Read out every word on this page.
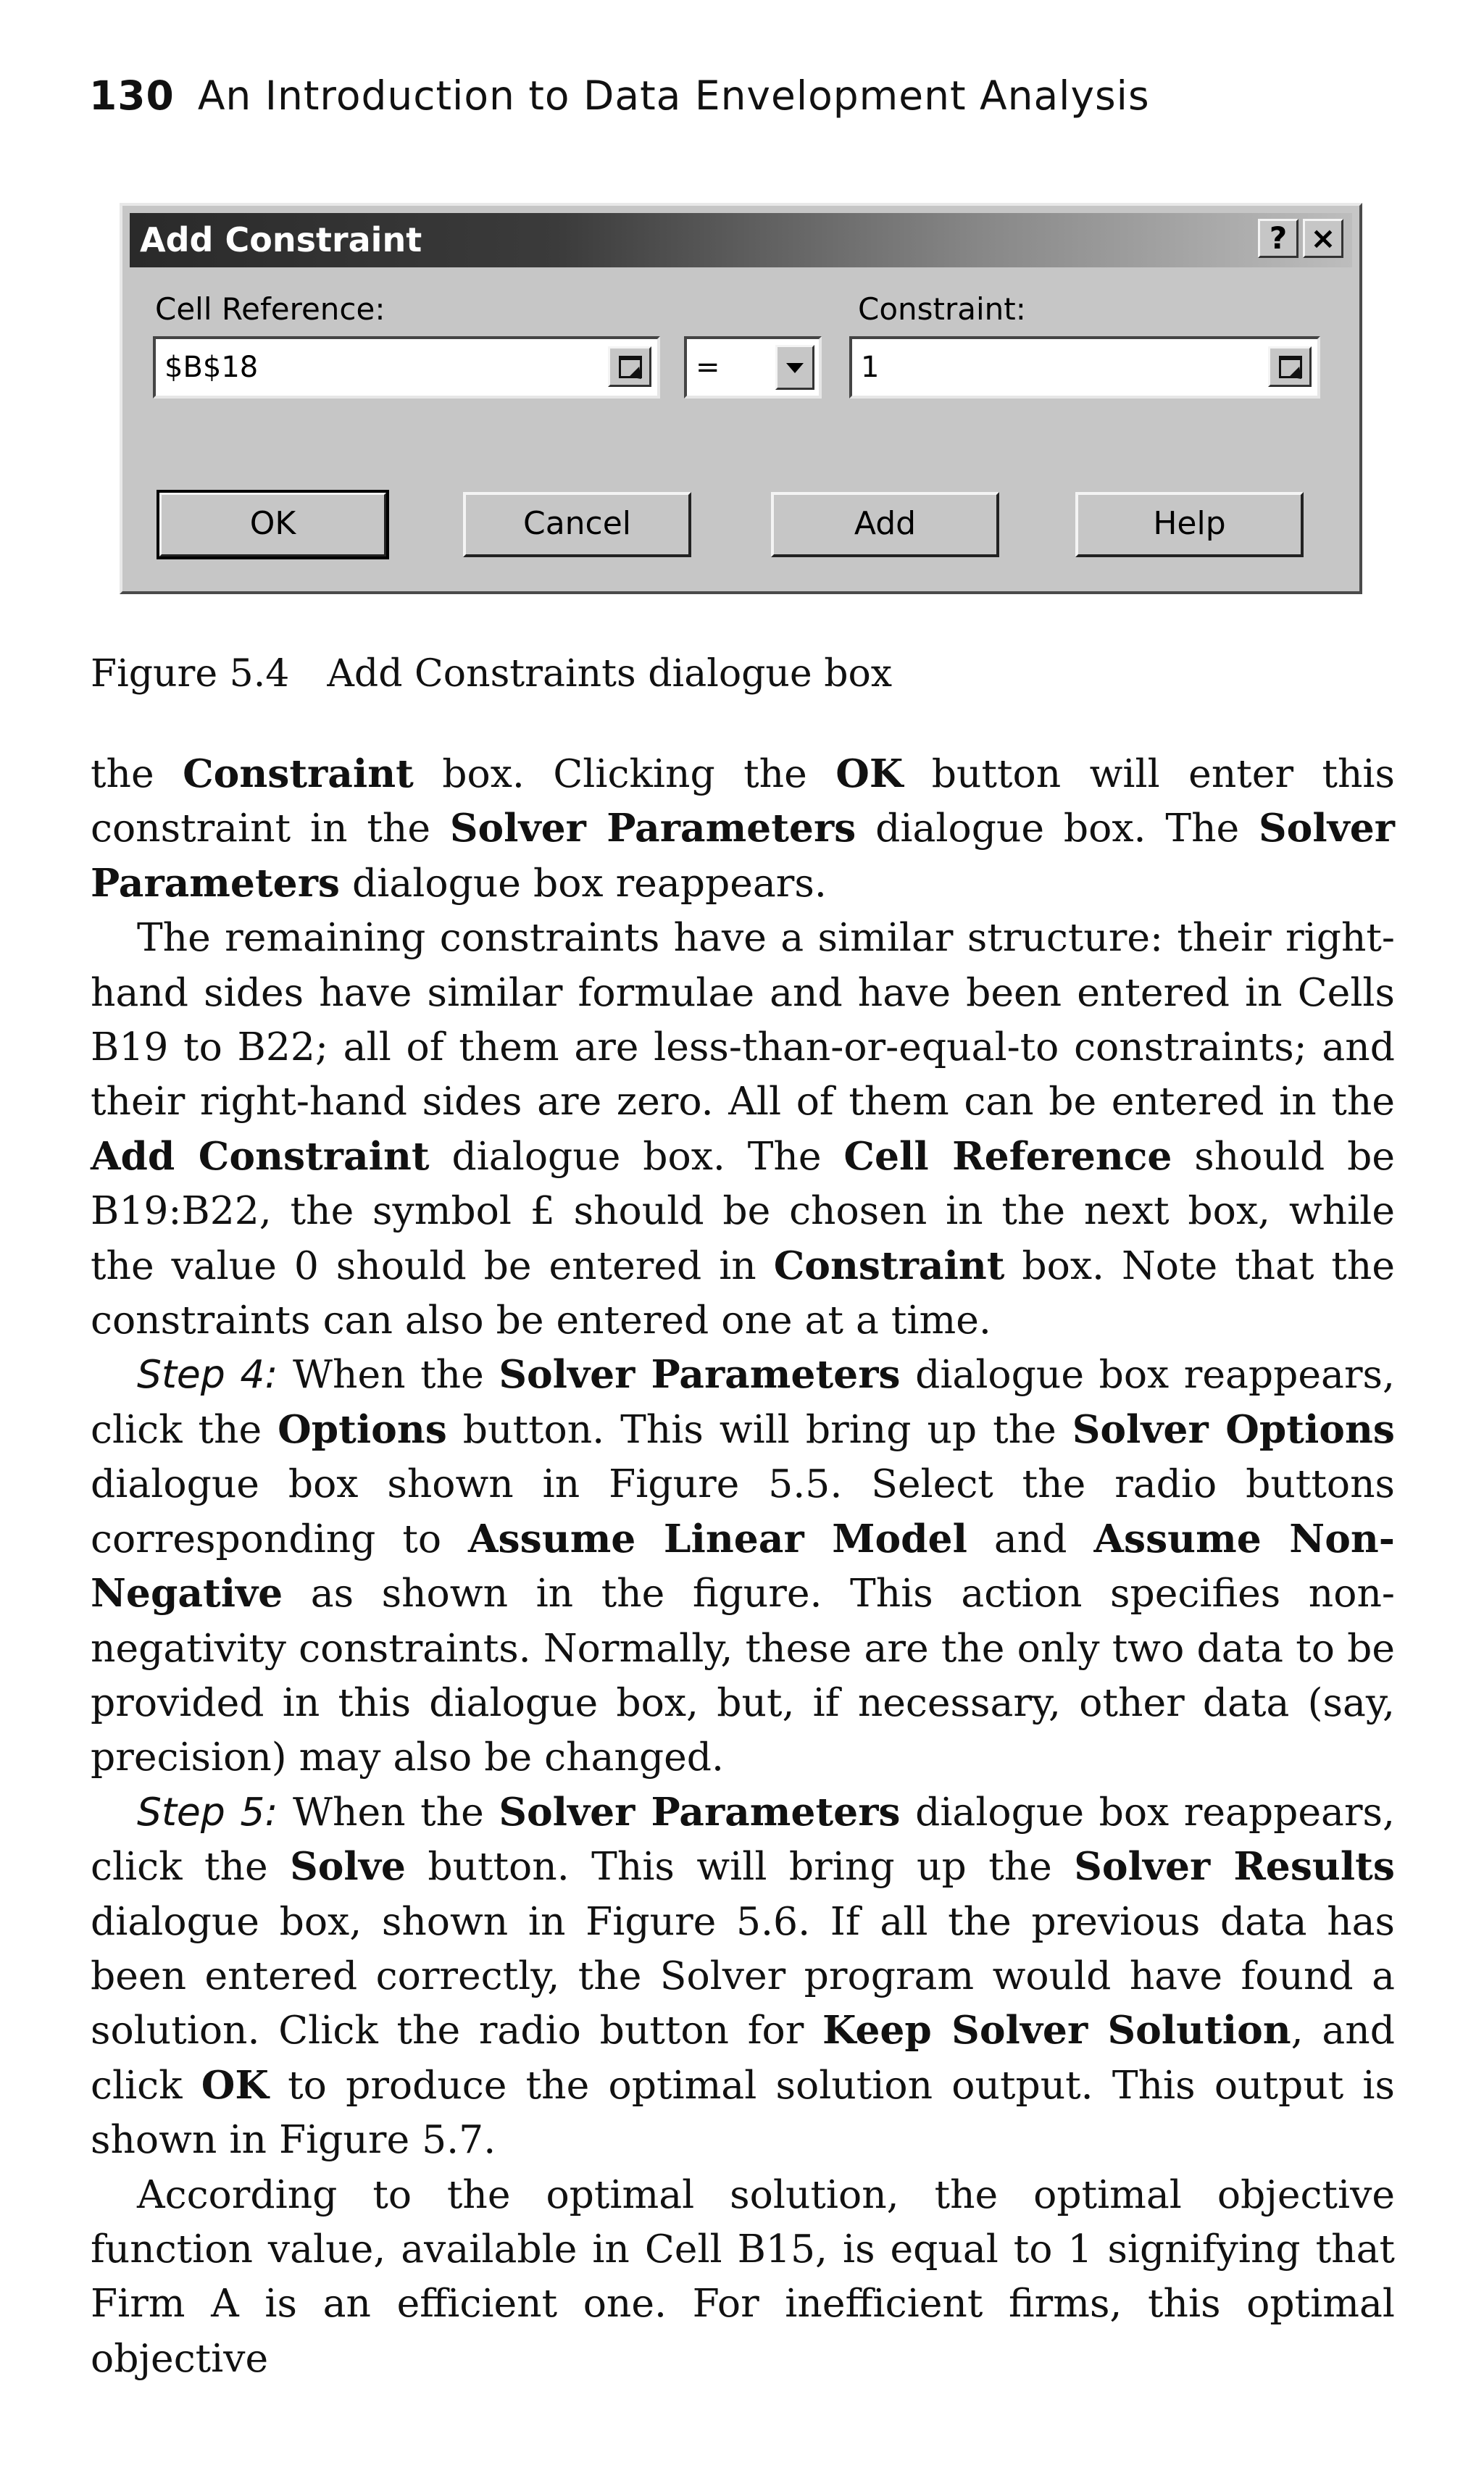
130 An Introduction to Data Envelopment Analysis
Add Constraint	? ×
Cell Reference:
$B$18	=
Constraint:
1
OK	Cancel	Add	Help
Figure 5.4 Add Constraints dialogue box

the Constraint box. Clicking the OK button will enter this constraint in the Solver Parameters dialogue box. The Solver Parameters dialogue box reappears.

The remaining constraints have a similar structure: their right-hand sides have similar formulae and have been entered in Cells B19 to B22; all of them are less-than-or-equal-to constraints; and their right-hand sides are zero. All of them can be entered in the Add Constraint dialogue box. The Cell Reference should be B19:B22, the symbol £ should be chosen in the next box, while the value 0 should be entered in Constraint box. Note that the constraints can also be entered one at a time.

Step 4: When the Solver Parameters dialogue box reappears, click the Options button. This will bring up the Solver Options dialogue box shown in Figure 5.5. Select the radio buttons corresponding to Assume Linear Model and Assume Non-Negative as shown in the figure. This action specifies non-negativity constraints. Normally, these are the only two data to be provided in this dialogue box, but, if necessary, other data (say, precision) may also be changed.

Step 5: When the Solver Parameters dialogue box reappears, click the Solve button. This will bring up the Solver Results dialogue box, shown in Figure 5.6. If all the previous data has been entered correctly, the Solver program would have found a solution. Click the radio button for Keep Solver Solution, and click OK to produce the optimal solution output. This output is shown in Figure 5.7.

According to the optimal solution, the optimal objective function value, available in Cell B15, is equal to 1 signifying that Firm A is an efficient one. For inefficient firms, this optimal objective
